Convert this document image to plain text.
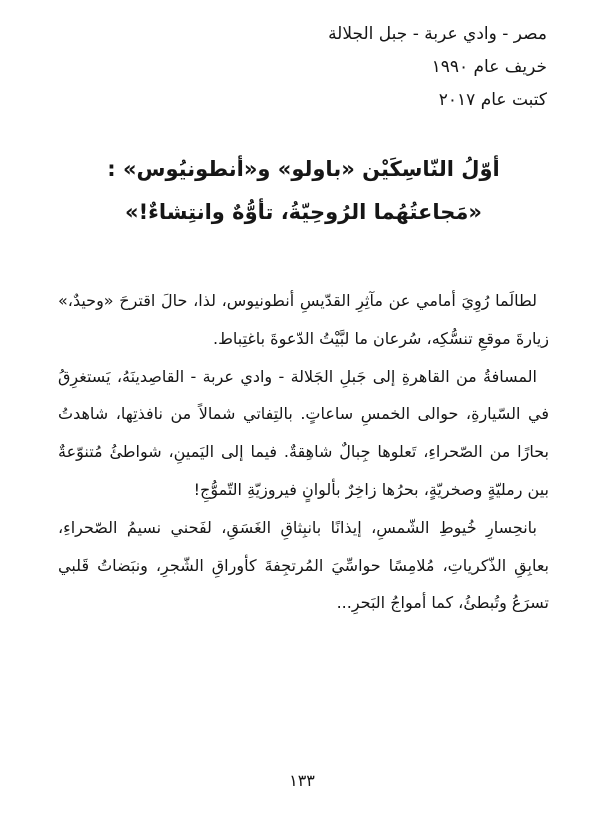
مصر - وادي عربة - جبل الجلالة
خريف عام ١٩٩٠
كتبت عام ٢٠١٧
أوّلُ النّاسِكَيْن «باولو» و«أنطونيُوس» :
«مَجاعتُهُما الرُوحِيّةُ، تأوُّهٌ وانتِشاءٌ!»

لطالَما رُوِيَ أمامي عن مآثِرِ القدّيسِ أنطونيوس، لذا، حالَ اقترحَ «وحيدٌ،» زيارةَ موقعِ تنسُّكِه، سُرعان ما لبَّيْتُ الدّعوةَ باغتِباط.

المسافةُ من القاهرةِ إلى جَبلِ الجَلالة - وادي عربة - القاصِدينَهُ، يَستغرِقُ في السّيارةِ، حوالى الخمسِ ساعاتٍ. بالتِفاتي شمالاً من نافذتِها، شاهدتُ بحارًا من الصّحراءِ، تَعلوها جِبالٌ شاهِقةٌ. فيما إلى اليَمينِ، شواطئُ مُتنوّعةٌ بين رمليّةٍ وصخريّةٍ، بحرُها زاخِرٌ بألوانٍ فيروزيّةِ التّموُّجِ!

بانحِسارِ خُيوطِ الشّمسِ، إيذانًا بانبِثاقِ الغَسَقِ، لفَحني نسيمُ الصّحراءِ، بعابِقِ الذّكرياتِ، مُلامِسًا حواسِّيَ المُرتجِفةَ كأوراقِ الشّجرِ، ونبَضاتُ قَلبي تسرَعُ وتُبطئُ، كما أمواجُ البَحرِ...

١٣٣
